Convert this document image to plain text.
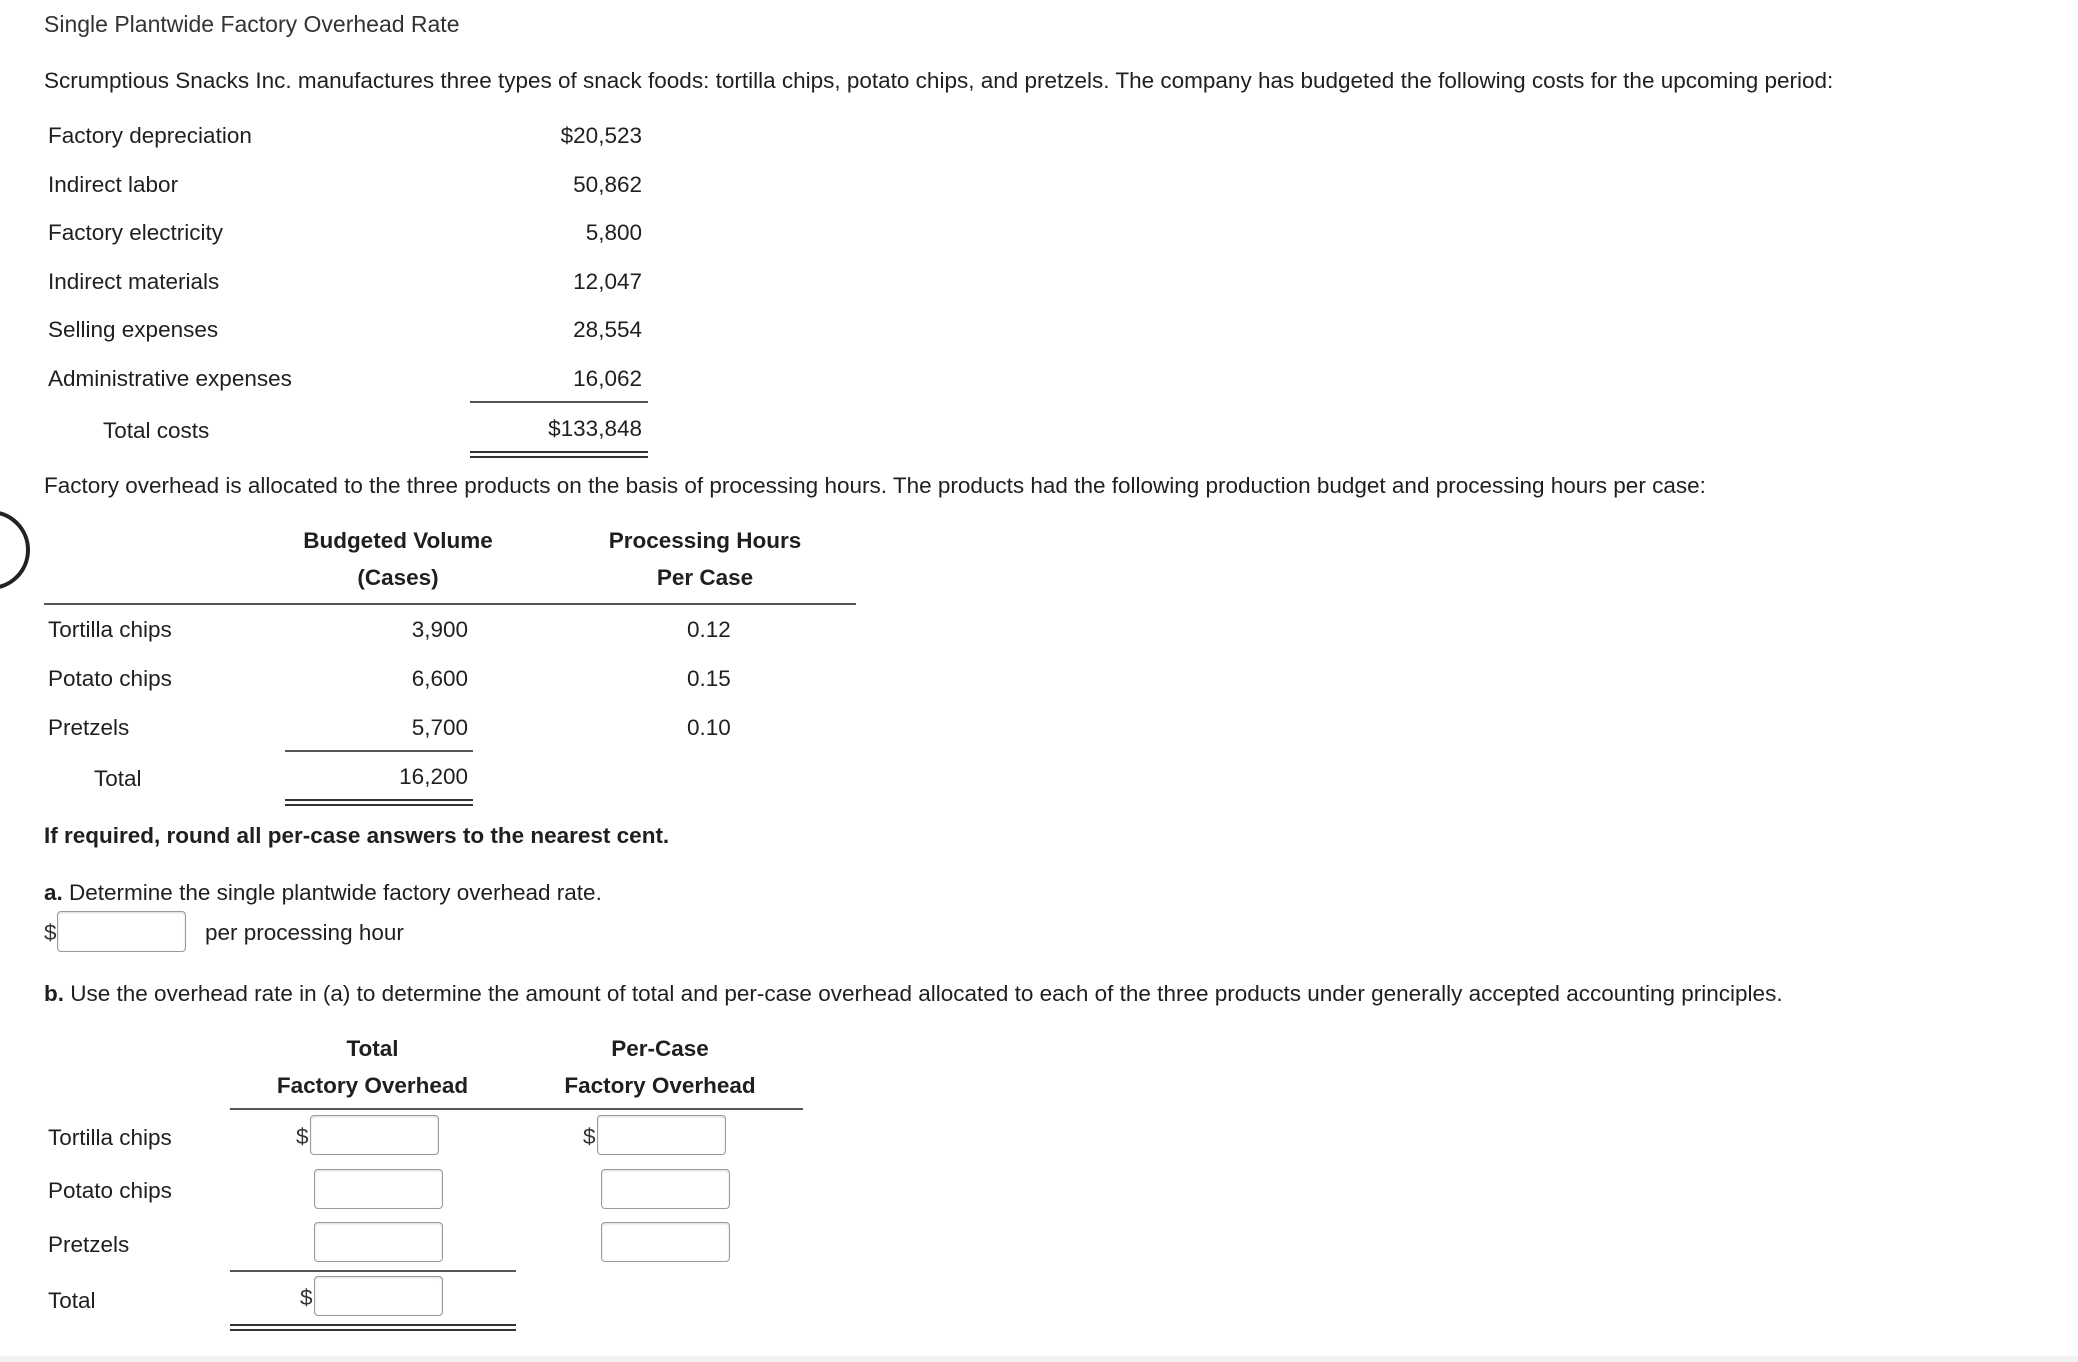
Single Plantwide Factory Overhead Rate
Scrumptious Snacks Inc. manufactures three types of snack foods: tortilla chips, potato chips, and pretzels. The company has budgeted the following costs for the upcoming period:
Factory depreciation	$20,523
Indirect labor	50,862
Factory electricity	5,800
Indirect materials	12,047
Selling expenses	28,554
Administrative expenses	16,062
Total costs	$133,848
Factory overhead is allocated to the three products on the basis of processing hours. The products had the following production budget and processing hours per case:
Budgeted Volume
(Cases)
Processing Hours
Per Case
Tortilla chips	3,900	0.12
Potato chips	6,600	0.15
Pretzels	5,700	0.10
Total	16,200
If required, round all per-case answers to the nearest cent.
a. Determine the single plantwide factory overhead rate.
$	per processing hour
b. Use the overhead rate in (a) to determine the amount of total and per-case overhead allocated to each of the three products under generally accepted accounting principles.
Total
Factory Overhead
Per-Case
Factory Overhead
Tortilla chips	$	$
Potato chips
Pretzels
Total	$
